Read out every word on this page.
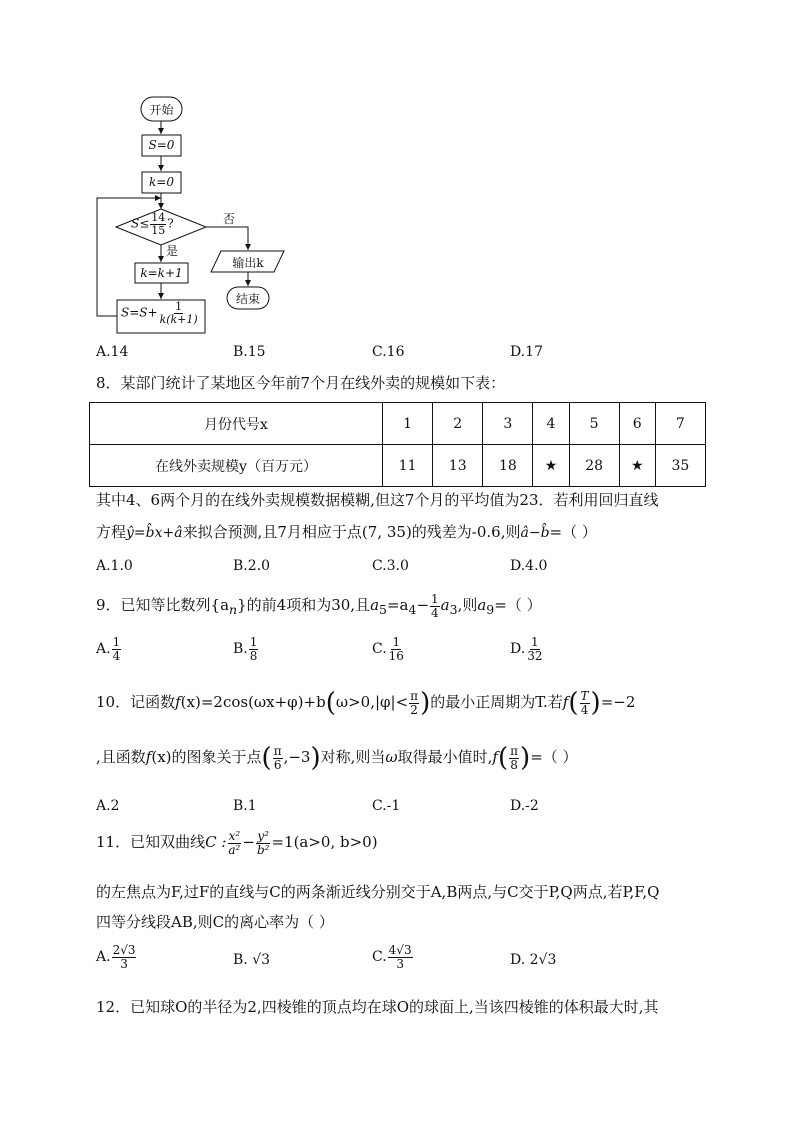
开始
S=0
k=0
$S\le \frac{14}{15}$ ?
是
否
k=k+1
$S=S+ \frac{1}{k(k+1)}$
输出k
结束
A.14	B.15	C.16	D.17
8．某部门统计了某地区今年前7个月在线外卖的规模如下表：
月份代号x	1	2	3	4	5	6	7
在线外卖规模y（百万元）	11	13	18	★	28	★	35
其中4、6两个月的在线外卖规模数据模糊,但这7个月的平均值为23．若利用回归直线
方程ŷ=b̂x+â来拟合预测,且7月相应于点(7, 35)的残差为-0.6,则â−b̂=（ ）
A.1.0	B.2.0	C.3.0	D.4.0
9．已知等比数列$\{a_n\}$的前4项和为30,且$a_5=a_4- \frac{1}{4} a_3$,则$a_9=$（ ）
A. $\frac{1}{4}$	B. $\frac{1}{8}$	C. $\frac{1}{16}$	D. $\frac{1}{32}$
10．记函数$f(x)=2\cos(\omega x+\varphi)+b(\omega>0,|\varphi|< \frac{\pi}{2}$ )的最小正周期为T.若$f( \frac{T}{4} )=-2$
,且函数f(x)的图象关于点( $\frac{\pi}{6} ,-3$)对称,则当ω取得最小值时$,f( \frac{\pi}{8}$ )=（ ）
A.2	B.1	C.-1	D.-2
11．已知双曲线C : $\frac{\text{x²}}{\text{a²}} - \frac{\text{y²}}{\text{b²}} =1(a>0$, b>0)
的左焦点为F,过F的直线与C的两条渐近线分别交于A,B两点,与C交于P,Q两点,若P,F,Q
四等分线段AB,则C的离心率为（ ）
A. $\frac{2√3}{3}$	B. √3	C. $\frac{4√3}{3}$	D. 2√3
12．已知球O的半径为2,四棱锥的顶点均在球O的球面上,当该四棱锥的体积最大时,其
